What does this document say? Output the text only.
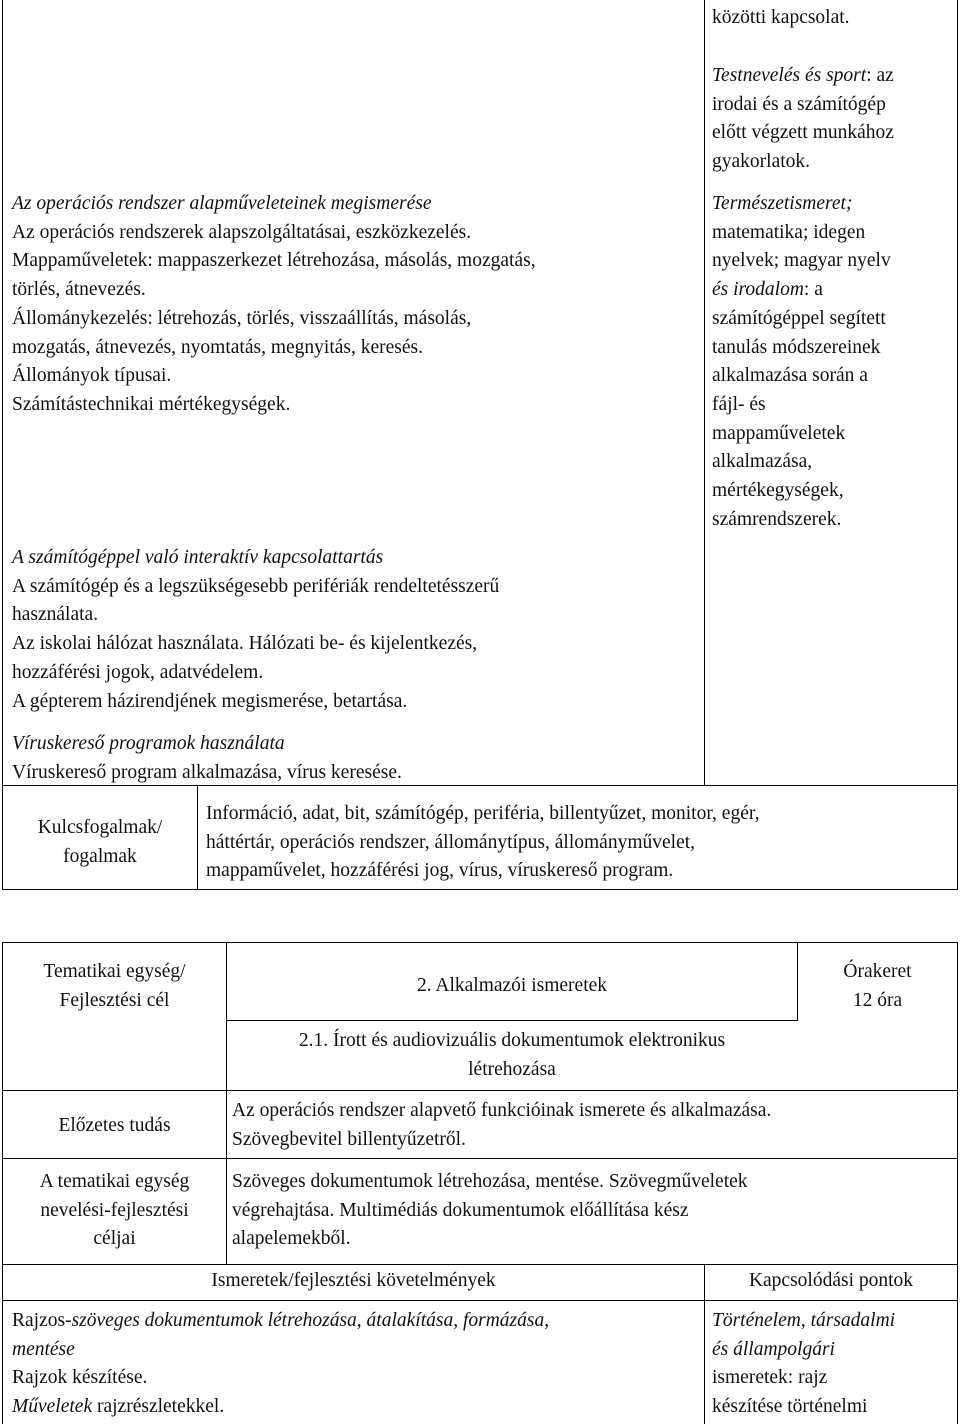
Az operációs rendszer alapműveleteinek megismerése
Az operációs rendszerek alapszolgáltatásai, eszközkezelés.
Mappaműveletek: mappaszerkezet létrehozása, másolás, mozgatás,
törlés, átnevezés.
Állománykezelés: létrehozás, törlés, visszaállítás, másolás,
mozgatás, átnevezés, nyomtatás, megnyitás, keresés.
Állományok típusai.
Számítástechnikai mértékegységek.
A számítógéppel való interaktív kapcsolattartás
A számítógép és a legszükségesebb perifériák rendeltetésszerű
használata.
Az iskolai hálózat használata. Hálózati be- és kijelentkezés,
hozzáférési jogok, adatvédelem.
A gépterem házirendjének megismerése, betartása.
Víruskereső programok használata
Víruskereső program alkalmazása, vírus keresése.
közötti kapcsolat.
Testnevelés és sport: az
irodai és a számítógép
előtt végzett munkához
gyakorlatok.
Természetismeret;
matematika; idegen
nyelvek; magyar nyelv
és irodalom: a
számítógéppel segített
tanulás módszereinek
alkalmazása során a
fájl- és
mappaműveletek
alkalmazása,
mértékegységek,
számrendszerek.
Kulcsfogalmak/
fogalmak
Információ, adat, bit, számítógép, periféria, billentyűzet, monitor, egér,
háttértár, operációs rendszer, állománytípus, állományművelet,
mappaművelet, hozzáférési jog, vírus, víruskereső program.
Tematikai egység/
Fejlesztési cél
2. Alkalmazói ismeretek
Órakeret
12 óra
2.1. Írott és audiovizuális dokumentumok elektronikus
létrehozása
Előzetes tudás
Az operációs rendszer alapvető funkcióinak ismerete és alkalmazása.
Szövegbevitel billentyűzetről.
A tematikai egység
nevelési-fejlesztési
céljai
Szöveges dokumentumok létrehozása, mentése. Szövegműveletek
végrehajtása. Multimédiás dokumentumok előállítása kész
alapelemekből.
Ismeretek/fejlesztési követelmények	Kapcsolódási pontok
Rajzos-szöveges dokumentumok létrehozása, átalakítása, formázása,
mentése
Rajzok készítése.
Műveletek rajzrészletekkel.
Történelem, társadalmi
és állampolgári
ismeretek: rajz
készítése történelmi
